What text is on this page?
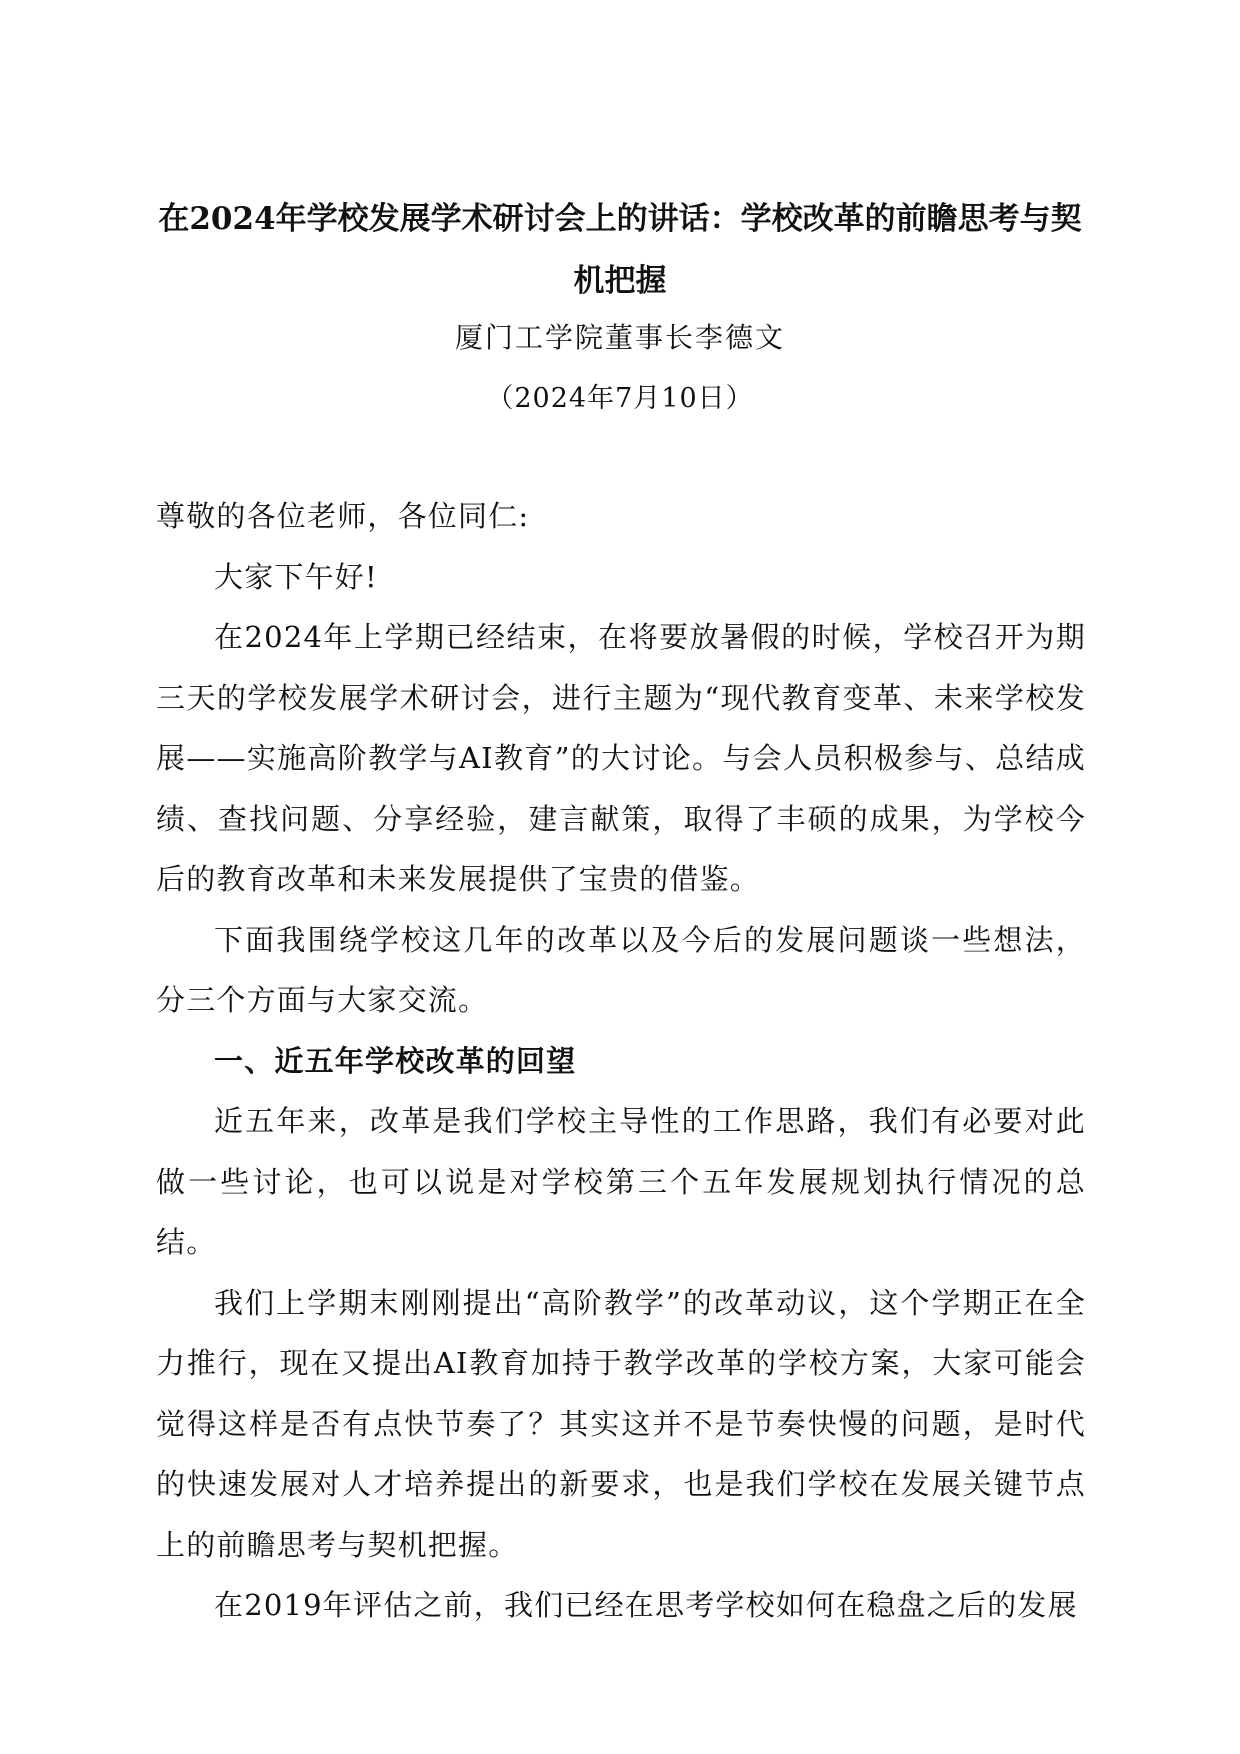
在2024年学校发展学术研讨会上的讲话：学校改革的前瞻思考与契机把握
厦门工学院董事长李德文
（2024年7月10日）

尊敬的各位老师，各位同仁:

大家下午好!

在2024年上学期已经结束，在将要放暑假的时候，学校召开为期三天的学校发展学术研讨会，进行主题为“现代教育变革、未来学校发展——实施高阶教学与AI教育”的大讨论。与会人员积极参与、总结成绩、查找问题、分享经验，建言献策，取得了丰硕的成果，为学校今后的教育改革和未来发展提供了宝贵的借鉴。

下面我围绕学校这几年的改革以及今后的发展问题谈一些想法，分三个方面与大家交流。

一、近五年学校改革的回望

近五年来，改革是我们学校主导性的工作思路，我们有必要对此做一些讨论，也可以说是对学校第三个五年发展规划执行情况的总结。

我们上学期末刚刚提出“高阶教学”的改革动议，这个学期正在全力推行，现在又提出AI教育加持于教学改革的学校方案，大家可能会觉得这样是否有点快节奏了？其实这并不是节奏快慢的问题，是时代的快速发展对人才培养提出的新要求，也是我们学校在发展关键节点上的前瞻思考与契机把握。

在2019年评估之前，我们已经在思考学校如何在稳盘之后的发展
